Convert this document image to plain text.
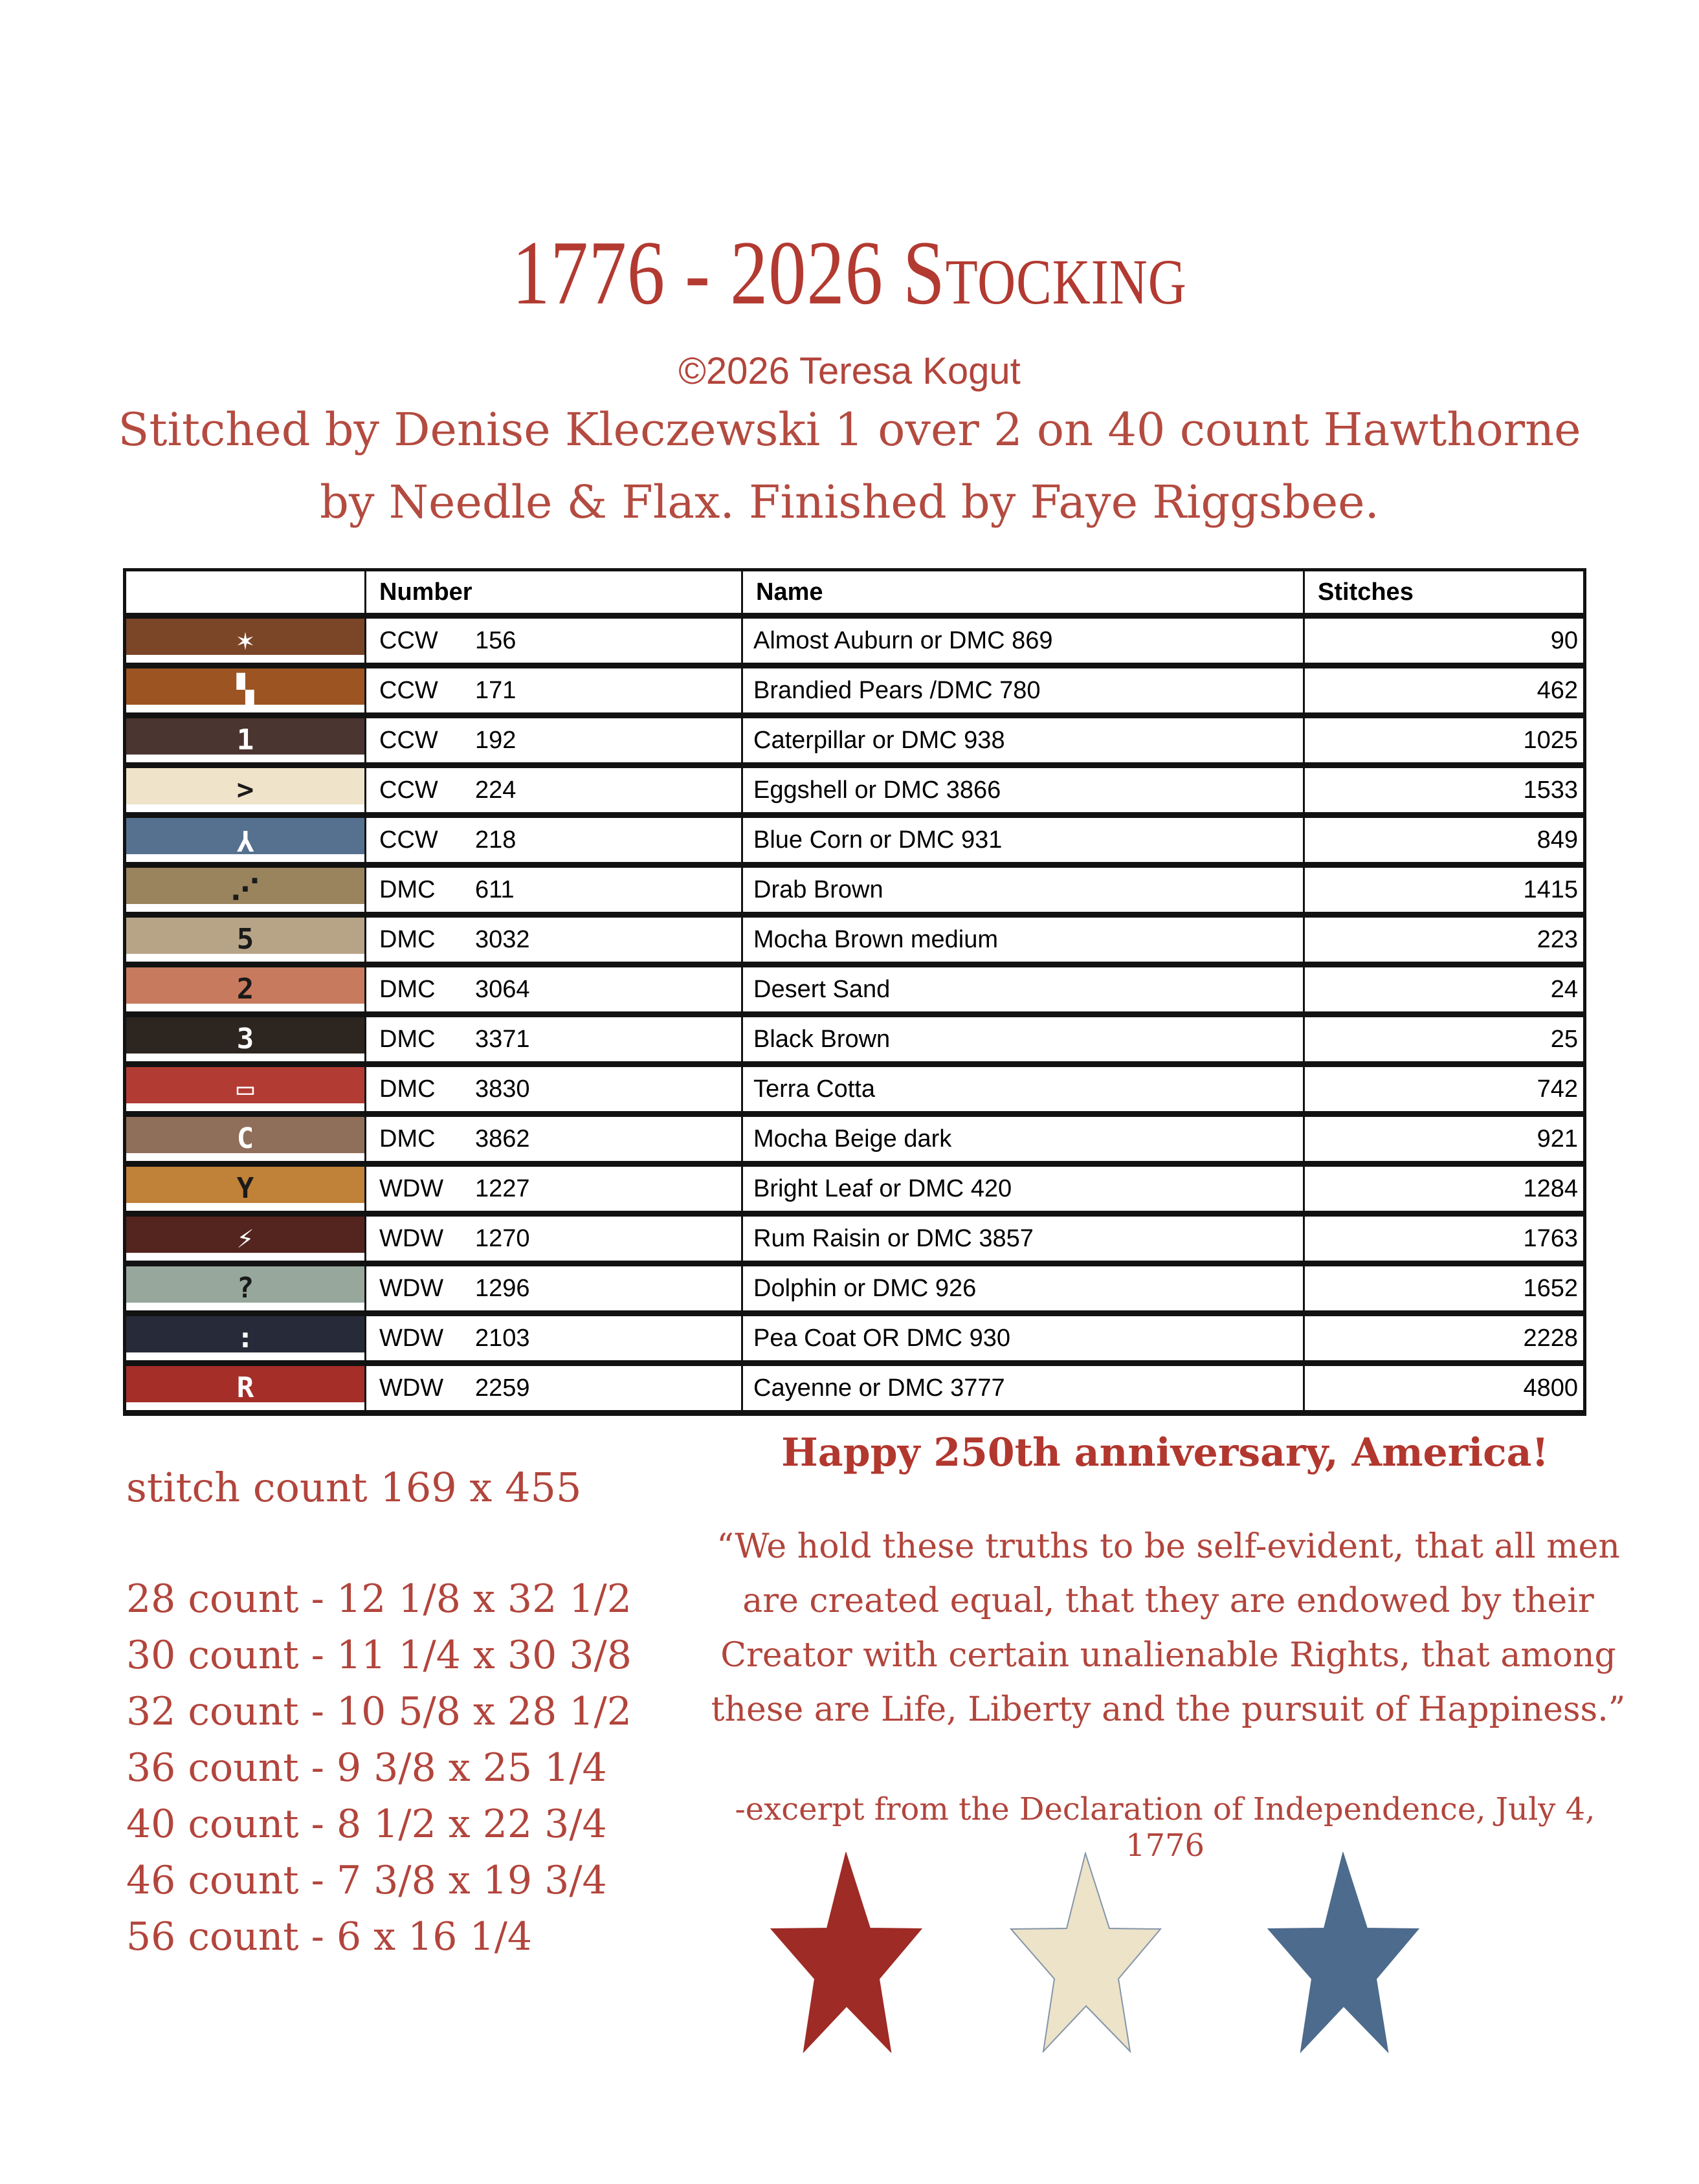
1776 - 2026 Stocking
©2026 Teresa Kogut
Stitched by Denise Kleczewski 1 over 2 on 40 count Hawthorne
by Needle & Flax. Finished by Faye Riggsbee.
	Number	Name	Stitches
✶	CCW 156	Almost Auburn or DMC 869	90
▚	CCW 171	Brandied Pears /DMC 780	462
1	CCW 192	Caterpillar or DMC 938	1025
>	CCW 224	Eggshell or DMC 3866	1533
Y	CCW 218	Blue Corn or DMC 931	849
⋰	DMC 611	Drab Brown	1415
5	DMC 3032	Mocha Brown medium	223
2	DMC 3064	Desert Sand	24
3	DMC 3371	Black Brown	25
▭	DMC 3830	Terra Cotta	742
C	DMC 3862	Mocha Beige dark	921
Y	WDW 1227	Bright Leaf or DMC 420	1284
⚡	WDW 1270	Rum Raisin or DMC 3857	1763
?	WDW 1296	Dolphin or DMC 926	1652
:	WDW 2103	Pea Coat OR DMC 930	2228
R	WDW 2259	Cayenne or DMC 3777	4800
stitch count 169 x 455
28 count - 12 1/8 x 32 1/2
30 count - 11 1/4 x 30 3/8
32 count - 10 5/8 x 28 1/2
36 count - 9 3/8 x 25 1/4
40 count - 8 1/2 x 22 3/4
46 count - 7 3/8 x 19 3/4
56 count - 6 x 16 1/4
Happy 250th anniversary, America!
“We hold these truths to be self-evident, that all men are created equal, that they are endowed by their Creator with certain unalienable Rights, that among these are Life, Liberty and the pursuit of Happiness.”
-excerpt from the Declaration of Independence, July 4, 1776
